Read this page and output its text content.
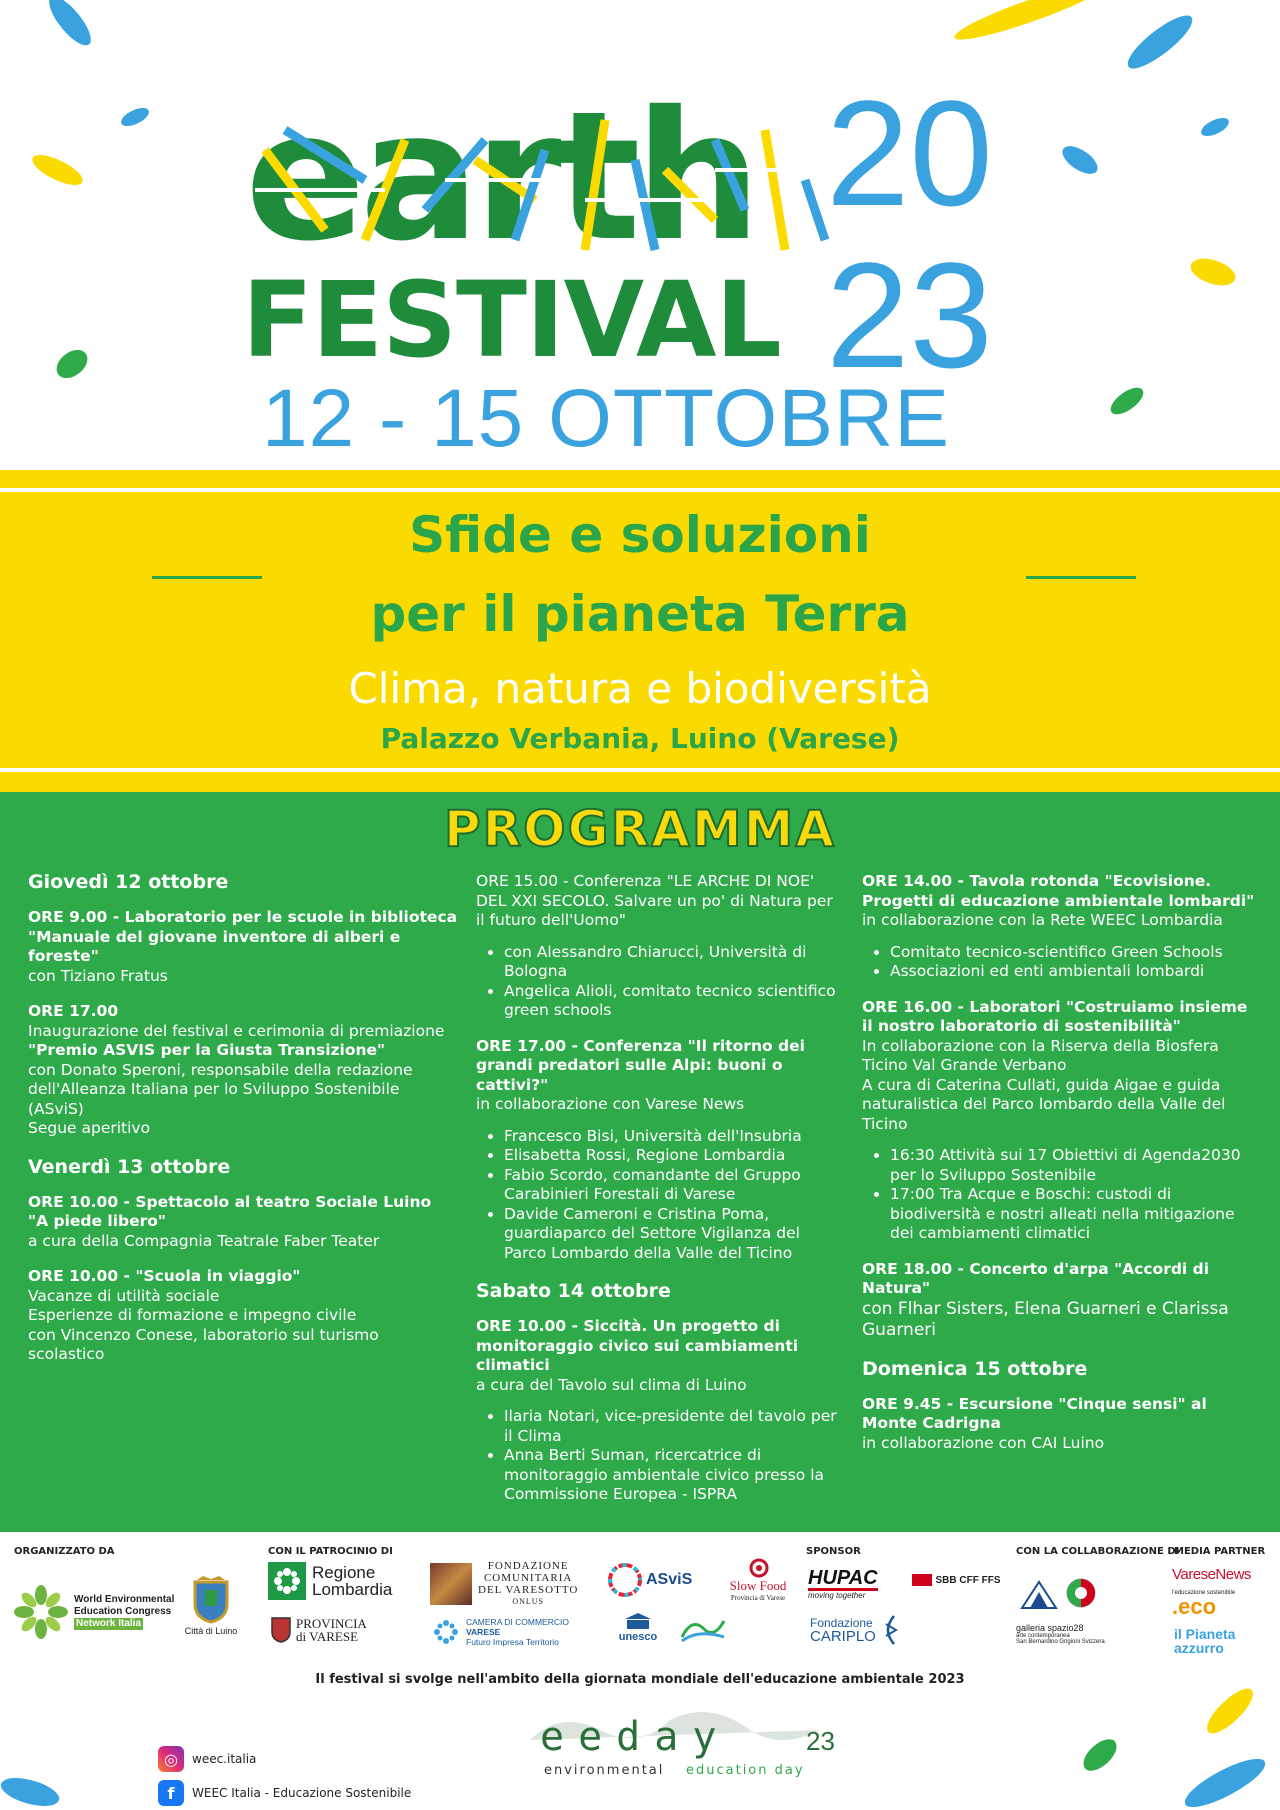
earth
FESTIVAL
20
23
12 - 15 OTTOBRE
Sfide e soluzioni
per il pianeta Terra
Clima, natura e biodiversità
Palazzo Verbania, Luino (Varese)
PROGRAMMA
Giovedì 12 ottobre
ORE 9.00 - Laboratorio per le scuole in biblioteca
"Manuale del giovane inventore di alberi e foreste"
con Tiziano Fratus
ORE 17.00
Inaugurazione del festival e cerimonia di premiazione
"Premio ASVIS per la Giusta Transizione"
con Donato Speroni, responsabile della redazione dell'Alleanza Italiana per lo Sviluppo Sostenibile (ASviS)
Segue aperitivo
Venerdì 13 ottobre
ORE 10.00 - Spettacolo al teatro Sociale Luino
"A piede libero"
a cura della Compagnia Teatrale Faber Teater
ORE 10.00 - "Scuola in viaggio"
Vacanze di utilità sociale
Esperienze di formazione e impegno civile
con Vincenzo Conese, laboratorio sul turismo scolastico
ORE 15.00 - Conferenza "LE ARCHE DI NOE' DEL XXI SECOLO. Salvare un po' di Natura per il futuro dell'Uomo"
• con Alessandro Chiarucci, Università di Bologna
• Angelica Alioli, comitato tecnico scientifico green schools
ORE 17.00 - Conferenza "Il ritorno dei grandi predatori sulle Alpi: buoni o cattivi?"
in collaborazione con Varese News
• Francesco Bisi, Università dell'Insubria
• Elisabetta Rossi, Regione Lombardia
• Fabio Scordo, comandante del Gruppo Carabinieri Forestali di Varese
• Davide Cameroni e Cristina Poma, guardiaparco del Settore Vigilanza del Parco Lombardo della Valle del Ticino
Sabato 14 ottobre
ORE 10.00 - Siccità. Un progetto di monitoraggio civico sui cambiamenti climatici
a cura del Tavolo sul clima di Luino
• Ilaria Notari, vice-presidente del tavolo per il Clima
• Anna Berti Suman, ricercatrice di monitoraggio ambientale civico presso la Commissione Europea - ISPRA
ORE 14.00 - Tavola rotonda "Ecovisione. Progetti di educazione ambientale lombardi"
in collaborazione con la Rete WEEC Lombardia
• Comitato tecnico-scientifico Green Schools
• Associazioni ed enti ambientali lombardi
ORE 16.00 - Laboratori "Costruiamo insieme il nostro laboratorio di sostenibilità"
In collaborazione con la Riserva della Biosfera Ticino Val Grande Verbano
A cura di Caterina Cullati, guida Aigae e guida naturalistica del Parco lombardo della Valle del Ticino
• 16:30 Attività sui 17 Obiettivi di Agenda2030 per lo Sviluppo Sostenibile
• 17:00 Tra Acque e Boschi: custodi di biodiversità e nostri alleati nella mitigazione dei cambiamenti climatici
ORE 18.00 - Concerto d'arpa "Accordi di Natura"
con Flhar Sisters, Elena Guarneri e Clarissa Guarneri
Domenica 15 ottobre
ORE 9.45 - Escursione "Cinque sensi" al Monte Cadrigna
in collaborazione con CAI Luino
ORGANIZZATO DA	CON IL PATROCINIO DI	SPONSOR	CON LA COLLABORAZIONE DI
MEDIA PARTNER
World Environmental
Education Congress
Network Italia
Città di Luino
Regione
Lombardia
PROVINCIA di VARESE
FONDAZIONE
COMUNITARIA
DEL VARESOTTO
ONLUS
CAMERA DI COMMERCIO
VARESE
Futuro Impresa Territorio
ASviS
unesco
Slow Food
Provincia di Varese
HUPAC
moving together
SBB CFF FFS
Fondazione
CARIPLO	galleria spazio28
arte contemporanea
San Bernardino Grigioni Svizzera
VareseNews
l'educazione sostenibile
.eco
il Pianeta
azzurro
Il festival si svolge nell'ambito della giornata mondiale dell'educazione ambientale 2023
eeday	23
environmental education day
◎	weec.italia
f	WEEC Italia - Educazione Sostenibile
